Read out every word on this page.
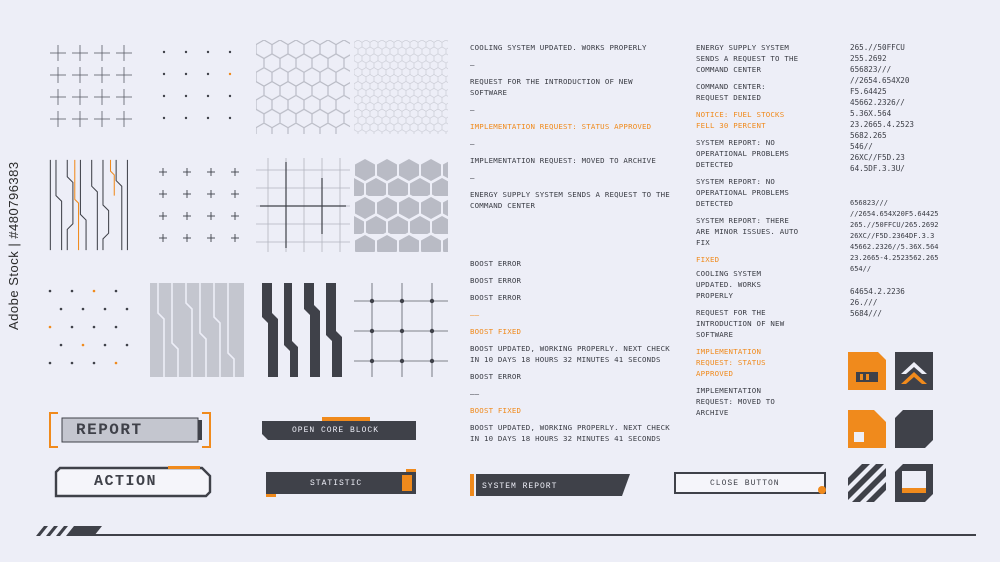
REPORT
ACTION
OPEN CORE BLOCK
STATISTIC	SYSTEM REPORT	CLOSE BUTTON

COOLING SYSTEM UPDATED. WORKS PROPERLY

–

REQUEST FOR THE INTRODUCTION OF NEW SOFTWARE

–

IMPLEMENTATION REQUEST: STATUS APPROVED

–

IMPLEMENTATION REQUEST: MOVED TO ARCHIVE

–

ENERGY SUPPLY SYSTEM SENDS A REQUEST TO THE COMMAND CENTER

BOOST ERROR

BOOST ERROR

BOOST ERROR

——

BOOST FIXED

BOOST UPDATED, WORKING PROPERLY. NEXT CHECK IN 10 DAYS 18 HOURS 32 MINUTES 41 SECONDS

BOOST ERROR

——

BOOST FIXED

BOOST UPDATED, WORKING PROPERLY. NEXT CHECK IN 10 DAYS 18 HOURS 32 MINUTES 41 SECONDS

ENERGY SUPPLY SYSTEM SENDS A REQUEST TO THE COMMAND CENTER

COMMAND CENTER: REQUEST DENIED

NOTICE: FUEL STOCKS FELL 30 PERCENT

SYSTEM REPORT: NO OPERATIONAL PROBLEMS DETECTED

SYSTEM REPORT: NO OPERATIONAL PROBLEMS DETECTED

SYSTEM REPORT: THERE ARE MINOR ISSUES. AUTO FIX

FIXED

COOLING SYSTEM UPDATED. WORKS PROPERLY

REQUEST FOR THE INTRODUCTION OF NEW SOFTWARE

IMPLEMENTATION REQUEST: STATUS APPROVED

IMPLEMENTATION REQUEST: MOVED TO ARCHIVE

265.//50FFCU
255.2692
656823///
//2654.654X20
F5.64425
45662.2326//
5.36X.564
23.2665.4.2523
5682.265
546//
26XC//F5D.23
64.5DF.3.3U/
656823///
//2654.654X20F5.64425
265.//50FFCU/265.2692
26XC//F5D.2364DF.3.3
45662.2326//5.36X.564
23.2665-4.2523562.265
654//
64654.2.2236
26.///
5684///
Adobe Stock | #480796383
